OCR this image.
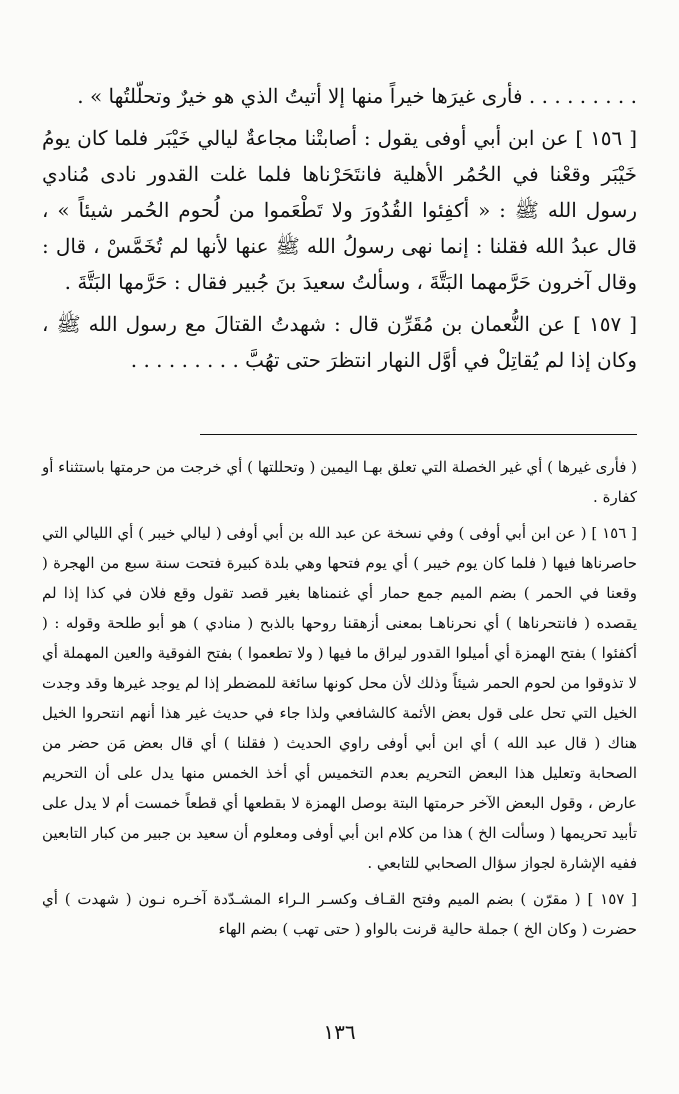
. . . . . . . . . فأرى غيرَها خيراً منها إلا أتيتُ الذي هو خيرٌ وتحلّلتُها » .

[ ١٥٦ ] عن ابن أبي أوفى يقول : أصابتْنا مجاعةٌ ليالي خَيْبَر فلما كان يومُ خَيْبَر وقعْنا في الحُمُر الأهلية فانتَحَرْناها فلما غلت القدور نادى مُنادي رسول الله ﷺ : « أكفِئوا القُدُورَ ولا تَطْعَموا من لُحوم الحُمر شيئاً » ، قال عبدُ الله فقلنا : إنما نهى رسولُ الله ﷺ عنها لأنها لم تُخَمَّسْ ، قال : وقال آخرون حَرَّمهما البَتَّةَ ، وسألتُ سعيدَ بنَ جُبير فقال : حَرَّمها البَتَّةَ .

[ ١٥٧ ] عن النُّعمان بن مُقَرِّن قال : شهدتُ القتالَ مع رسول الله ﷺ ، وكان إذا لم يُقاتِلْ في أوَّل النهار انتظرَ حتى تهُبَّ . . . . . . . . .

( فأرى غيرها ) أي غير الخصلة التي تعلق بهـا اليمين ( وتحللتها ) أي خرجت من حرمتها باستثناء أو كفارة .

[ ١٥٦ ] ( عن ابن أبي أوفى ) وفي نسخة عن عبد الله بن أبي أوفى ( ليالي خيبر ) أي الليالي التي حاصرناها فيها ( فلما كان يوم خيبر ) أي يوم فتحها وهي بلدة كبيرة فتحت سنة سبع من الهجرة ( وقعنا في الحمر ) بضم الميم جمع حمار أي غنمناها بغير قصد تقول وقع فلان في كذا إذا لم يقصده ( فانتحرناها ) أي نحرناهـا بمعنى أزهقنا روحها بالذبح ( منادي ) هو أبو طلحة وقوله : ( أكفئوا ) بفتح الهمزة أي أميلوا القدور ليراق ما فيها ( ولا تطعموا ) بفتح الفوقية والعين المهملة أي لا تذوقوا من لحوم الحمر شيئاً وذلك لأن محل كونها سائغة للمضطر إذا لم يوجد غيرها وقد وجدت الخيل التي تحل على قول بعض الأئمة كالشافعي ولذا جاء في حديث غير هذا أنهم انتحروا الخيل هناك ( قال عبد الله ) أي ابن أبي أوفى راوي الحديث ( فقلنا ) أي قال بعض مَن حضر من الصحابة وتعليل هذا البعض التحريم بعدم التخميس أي أخذ الخمس منها يدل على أن التحريم عارض ، وقول البعض الآخر حرمتها البتة بوصل الهمزة لا بقطعها أي قطعاً خمست أم لا يدل على تأبيد تحريمها ( وسألت الخ ) هذا من كلام ابن أبي أوفى ومعلوم أن سعيد بن جبير من كبار التابعين ففيه الإشارة لجواز سؤال الصحابي للتابعي .

[ ١٥٧ ] ( مقرّن ) بضم الميم وفتح القـاف وكسـر الـراء المشـدّدة آخـره نـون ( شهدت ) أي حضرت ( وكان الخ ) جملة حالية قرنت بالواو ( حتى تهب ) بضم الهاء

١٣٦
